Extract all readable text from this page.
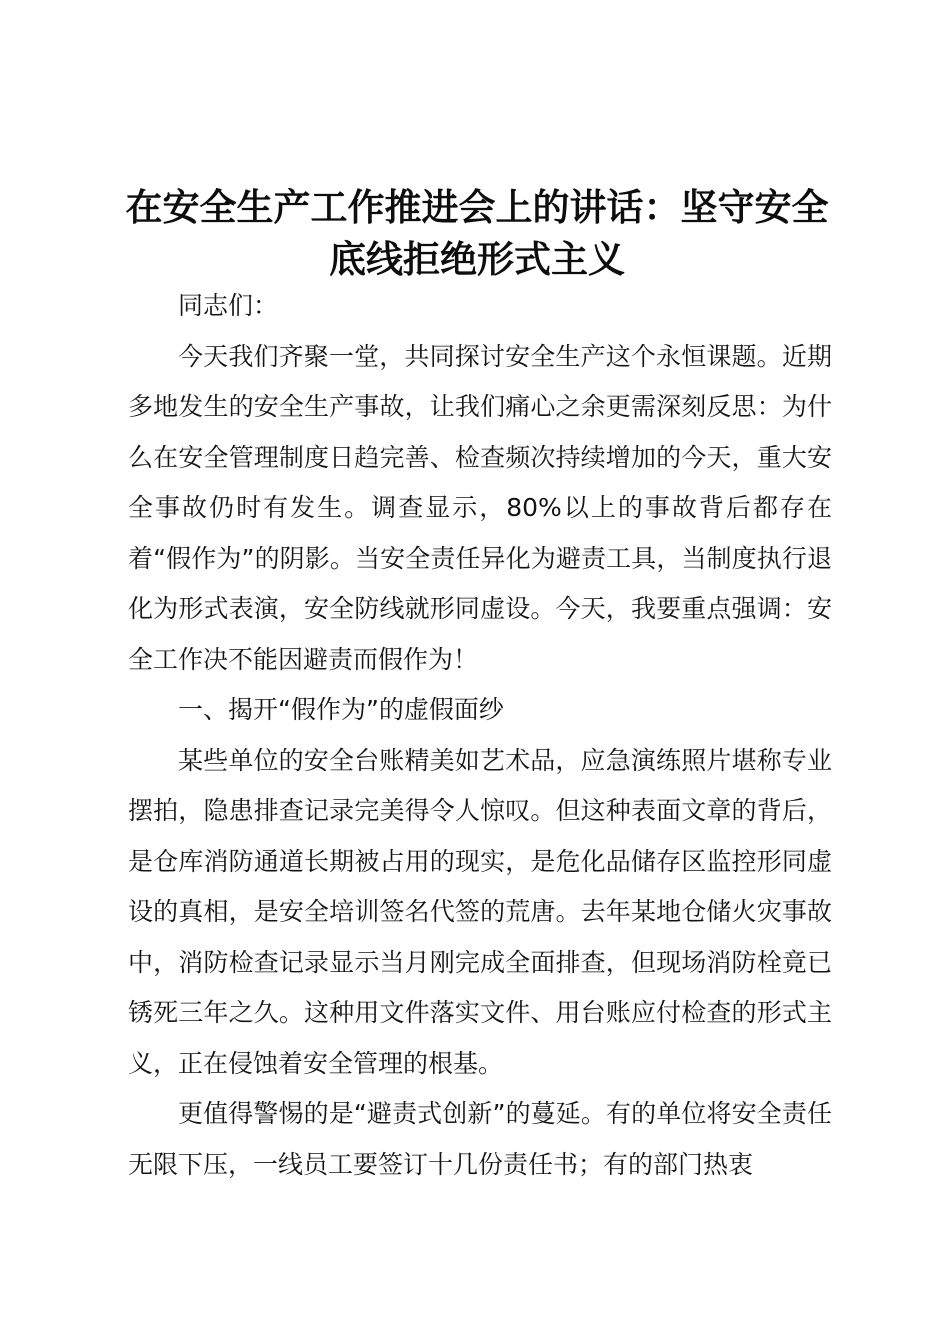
在安全生产工作推进会上的讲话：坚守安全底线拒绝形式主义

同志们：

今天我们齐聚一堂，共同探讨安全生产这个永恒课题。近期多地发生的安全生产事故，让我们痛心之余更需深刻反思：为什么在安全管理制度日趋完善、检查频次持续增加的今天，重大安全事故仍时有发生。调查显示，80%以上的事故背后都存在着“假作为”的阴影。当安全责任异化为避责工具，当制度执行退化为形式表演，安全防线就形同虚设。今天，我要重点强调：安全工作决不能因避责而假作为！

一、揭开“假作为”的虚假面纱

某些单位的安全台账精美如艺术品，应急演练照片堪称专业摆拍，隐患排查记录完美得令人惊叹。但这种表面文章的背后，是仓库消防通道长期被占用的现实，是危化品储存区监控形同虚设的真相，是安全培训签名代签的荒唐。去年某地仓储火灾事故中，消防检查记录显示当月刚完成全面排查，但现场消防栓竟已锈死三年之久。这种用文件落实文件、用台账应付检查的形式主义，正在侵蚀着安全管理的根基。

更值得警惕的是“避责式创新”的蔓延。有的单位将安全责任无限下压，一线员工要签订十几份责任书；有的部门热衷
